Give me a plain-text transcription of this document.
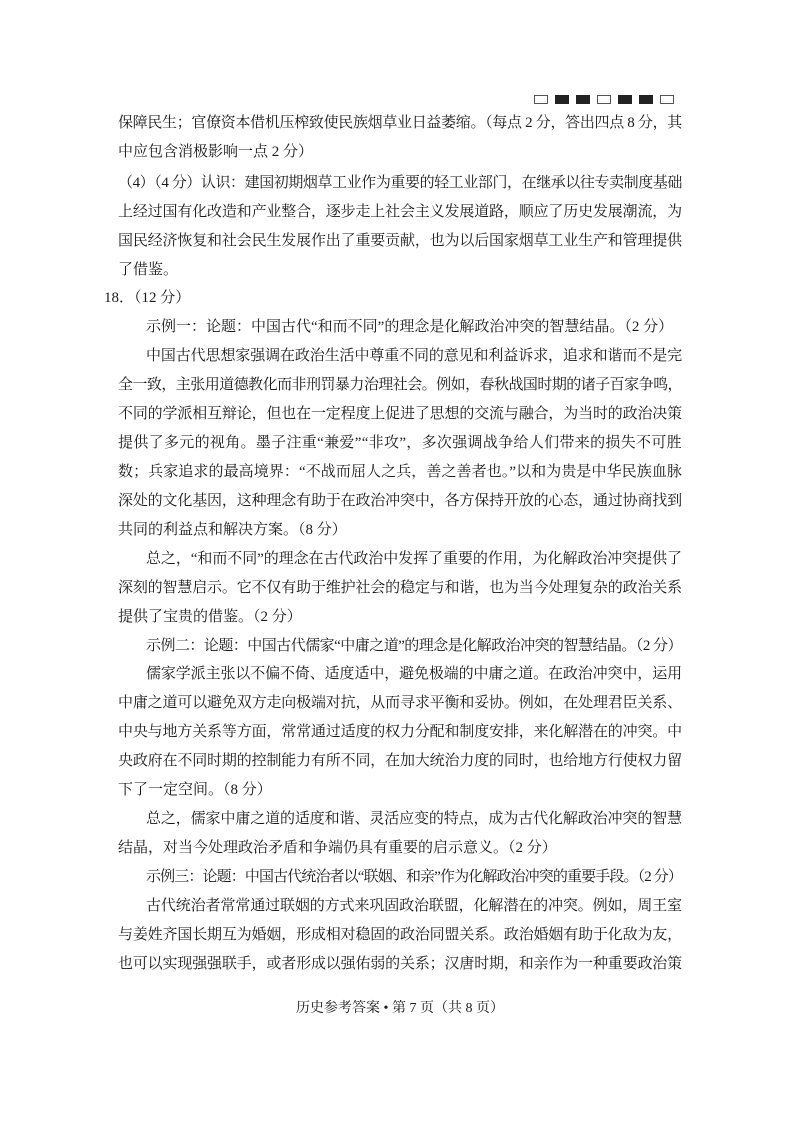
保障民生；官僚资本借机压榨致使民族烟草业日益萎缩。（每点 2 分，答出四点 8 分，其
中应包含消极影响一点 2 分）
（4）（4 分）认识：建国初期烟草工业作为重要的轻工业部门，在继承以往专卖制度基础
上经过国有化改造和产业整合，逐步走上社会主义发展道路，顺应了历史发展潮流，为
国民经济恢复和社会民生发展作出了重要贡献，也为以后国家烟草工业生产和管理提供
了借鉴。
18．（12 分）
示例一：论题：中国古代“和而不同”的理念是化解政治冲突的智慧结晶。（2 分）
中国古代思想家强调在政治生活中尊重不同的意见和利益诉求，追求和谐而不是完
全一致，主张用道德教化而非刑罚暴力治理社会。例如，春秋战国时期的诸子百家争鸣，
不同的学派相互辩论，但也在一定程度上促进了思想的交流与融合，为当时的政治决策
提供了多元的视角。墨子注重“兼爱”“非攻”，多次强调战争给人们带来的损失不可胜
数；兵家追求的最高境界：“不战而屈人之兵，善之善者也。”以和为贵是中华民族血脉
深处的文化基因，这种理念有助于在政治冲突中，各方保持开放的心态，通过协商找到
共同的利益点和解决方案。（8 分）
总之，“和而不同”的理念在古代政治中发挥了重要的作用，为化解政治冲突提供了
深刻的智慧启示。它不仅有助于维护社会的稳定与和谐，也为当今处理复杂的政治关系
提供了宝贵的借鉴。（2 分）
示例二：论题：中国古代儒家“中庸之道”的理念是化解政治冲突的智慧结晶。（2 分）
儒家学派主张以不偏不倚、适度适中，避免极端的中庸之道。在政治冲突中，运用
中庸之道可以避免双方走向极端对抗，从而寻求平衡和妥协。例如，在处理君臣关系、
中央与地方关系等方面，常常通过适度的权力分配和制度安排，来化解潜在的冲突。中
央政府在不同时期的控制能力有所不同，在加大统治力度的同时，也给地方行使权力留
下了一定空间。（8 分）
总之，儒家中庸之道的适度和谐、灵活应变的特点，成为古代化解政治冲突的智慧
结晶，对当今处理政治矛盾和争端仍具有重要的启示意义。（2 分）
示例三：论题：中国古代统治者以“联姻、和亲”作为化解政治冲突的重要手段。（2 分）
古代统治者常常通过联姻的方式来巩固政治联盟，化解潜在的冲突。例如，周王室
与姜姓齐国长期互为婚姻，形成相对稳固的政治同盟关系。政治婚姻有助于化敌为友，
也可以实现强强联手，或者形成以强佑弱的关系；汉唐时期，和亲作为一种重要政治策
历史参考答案 • 第 7 页（共 8 页）
